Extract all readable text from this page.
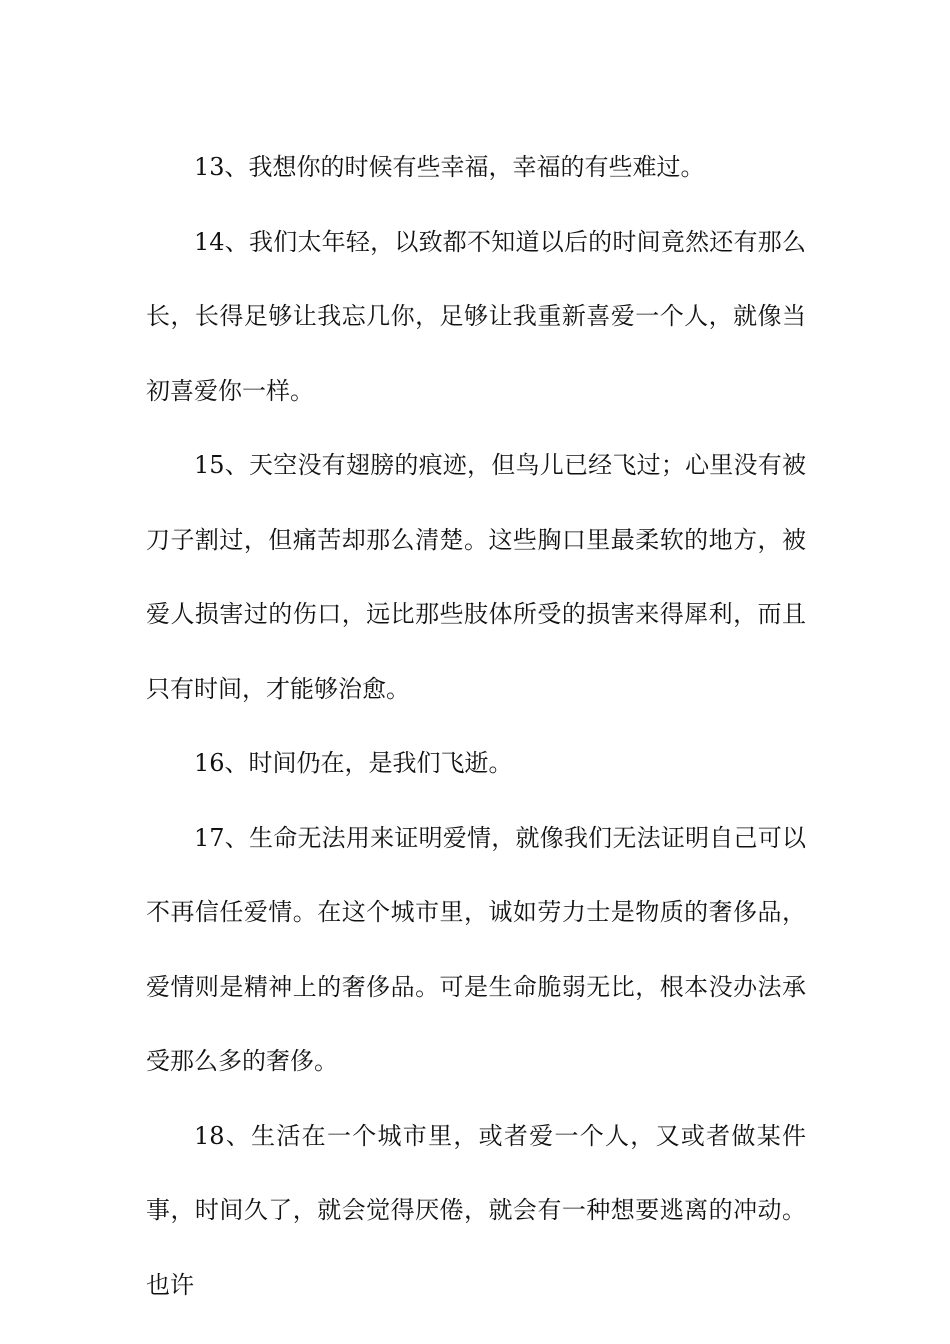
13、我想你的时候有些幸福，幸福的有些难过。

14、我们太年轻，以致都不知道以后的时间竟然还有那么长，长得足够让我忘几你，足够让我重新喜爱一个人，就像当初喜爱你一样。

15、天空没有翅膀的痕迹，但鸟儿已经飞过；心里没有被刀子割过，但痛苦却那么清楚。这些胸口里最柔软的地方，被爱人损害过的伤口，远比那些肢体所受的损害来得犀利，而且只有时间，才能够治愈。

16、时间仍在，是我们飞逝。

17、生命无法用来证明爱情，就像我们无法证明自己可以不再信任爱情。在这个城市里，诚如劳力士是物质的奢侈品，爱情则是精神上的奢侈品。可是生命脆弱无比，根本没办法承受那么多的奢侈。

18、生活在一个城市里，或者爱一个人，又或者做某件事，时间久了，就会觉得厌倦，就会有一种想要逃离的冲动。也许
